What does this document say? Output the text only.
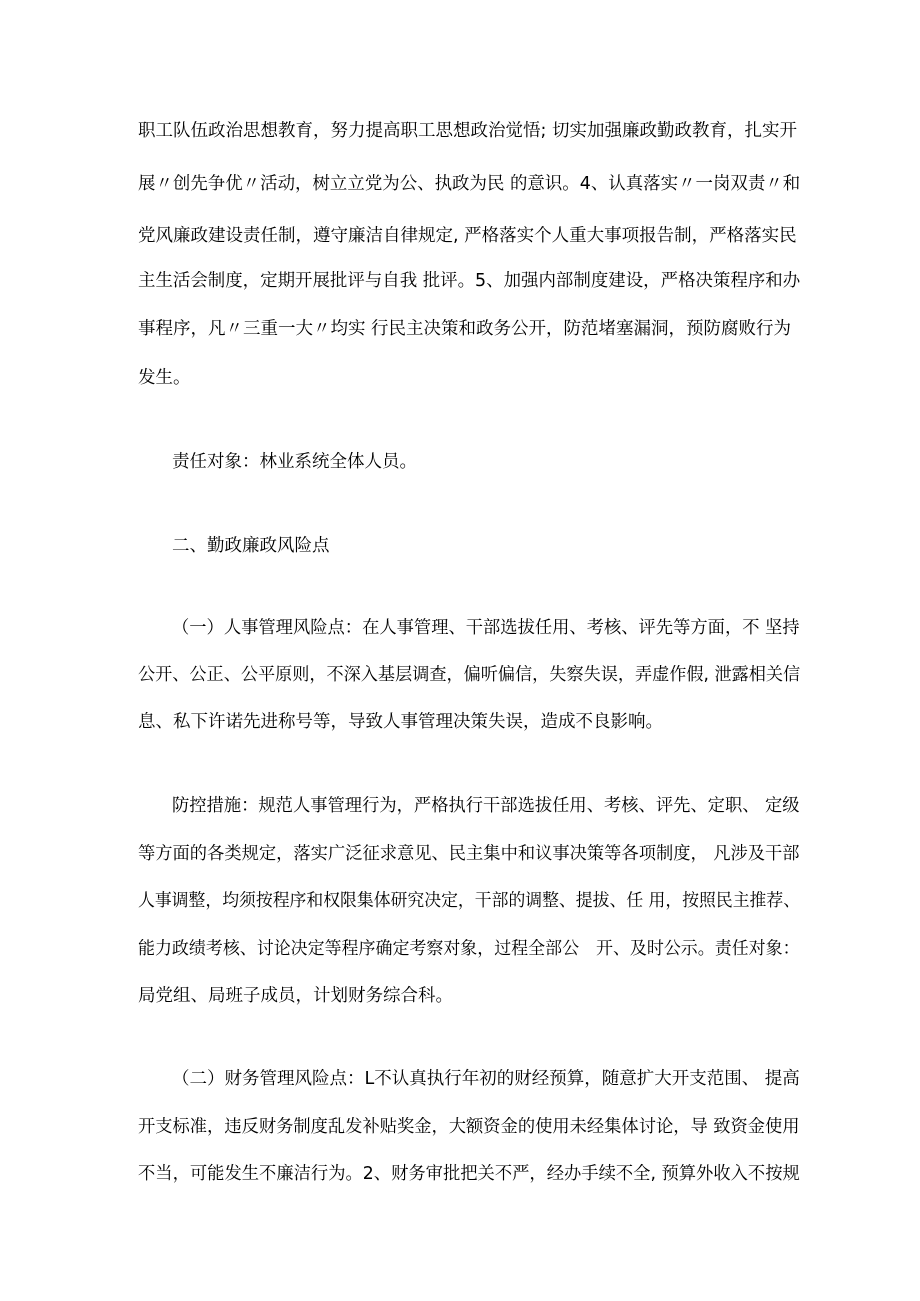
职工队伍政治思想教育，努力提高职工思想政治觉悟; 切实加强廉政勤政教育，扎实开
展〃创先争优〃活动，树立立党为公、执政为民 的意识。4、认真落实〃一岗双责〃和
党风廉政建设责任制，遵守廉洁自律规定, 严格落实个人重大事项报告制，严格落实民
主生活会制度，定期开展批评与自我 批评。5、加强内部制度建设，严格决策程序和办
事程序，凡〃三重一大〃均实 行民主决策和政务公开，防范堵塞漏洞，预防腐败行为
发生。
责任对象：林业系统全体人员。
二、勤政廉政风险点
（一）人事管理风险点：在人事管理、干部选拔任用、考核、评先等方面，不 坚持
公开、公正、公平原则，不深入基层调查，偏听偏信，失察失误，弄虚作假, 泄露相关信
息、私下许诺先进称号等，导致人事管理决策失误，造成不良影响。
防控措施：规范人事管理行为，严格执行干部选拔任用、考核、评先、定职、 定级
等方面的各类规定，落实广泛征求意见、民主集中和议事决策等各项制度， 凡涉及干部
人事调整，均须按程序和权限集体研究决定，干部的调整、提拔、任 用，按照民主推荐、
能力政绩考核、讨论决定等程序确定考察对象，过程全部公　开、及时公示。责任对象：
局党组、局班子成员，计划财务综合科。
（二）财务管理风险点：L不认真执行年初的财经预算，随意扩大开支范围、 提高
开支标准，违反财务制度乱发补贴奖金，大额资金的使用未经集体讨论，导 致资金使用
不当，可能发生不廉洁行为。2、财务审批把关不严，经办手续不全, 预算外收入不按规
